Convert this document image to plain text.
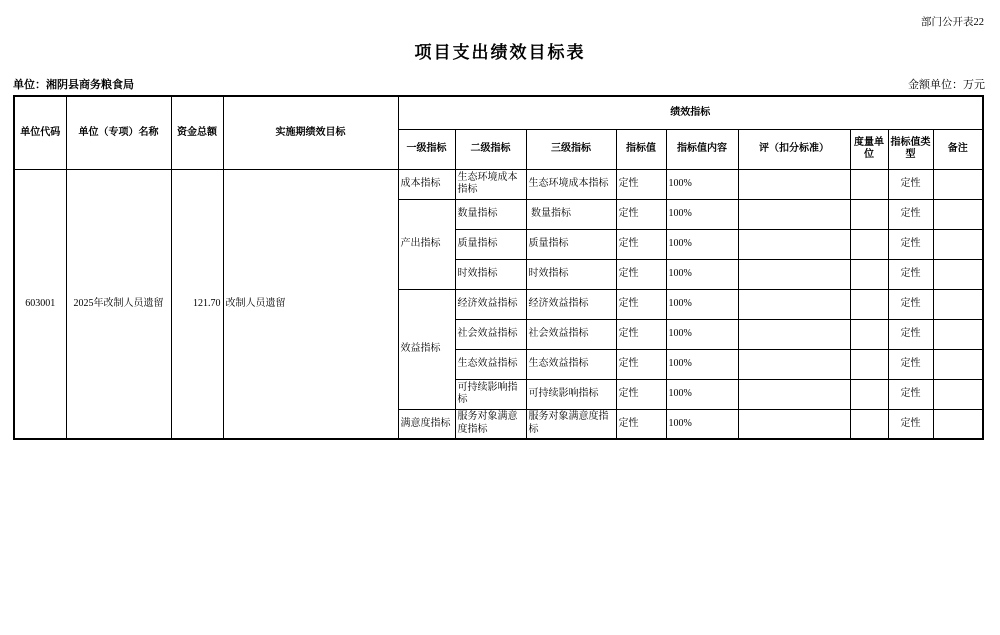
部门公开表22
项目支出绩效目标表
单位：湘阴县商务粮食局	金额单位：万元
单位代码	单位（专项）名称	资金总额	实施期绩效目标	绩效指标								
				一级指标	二级指标	三级指标	指标值	指标值内容	评（扣分标准）	度量单位	指标值类型	备注
603001	2025年改制人员遗留	121.70	改制人员遗留	成本指标	生态环境成本指标	生态环境成本指标	定性	100%			定性	
				产出指标	数量指标	数量指标	定性	100%			定性	
					质量指标	质量指标	定性	100%			定性	
					时效指标	时效指标	定性	100%			定性	
				效益指标	经济效益指标	经济效益指标	定性	100%			定性	
					社会效益指标	社会效益指标	定性	100%			定性	
					生态效益指标	生态效益指标	定性	100%			定性	
					可持续影响指标	可持续影响指标	定性	100%			定性	
				满意度指标	服务对象满意度指标	服务对象满意度指标	定性	100%			定性	
